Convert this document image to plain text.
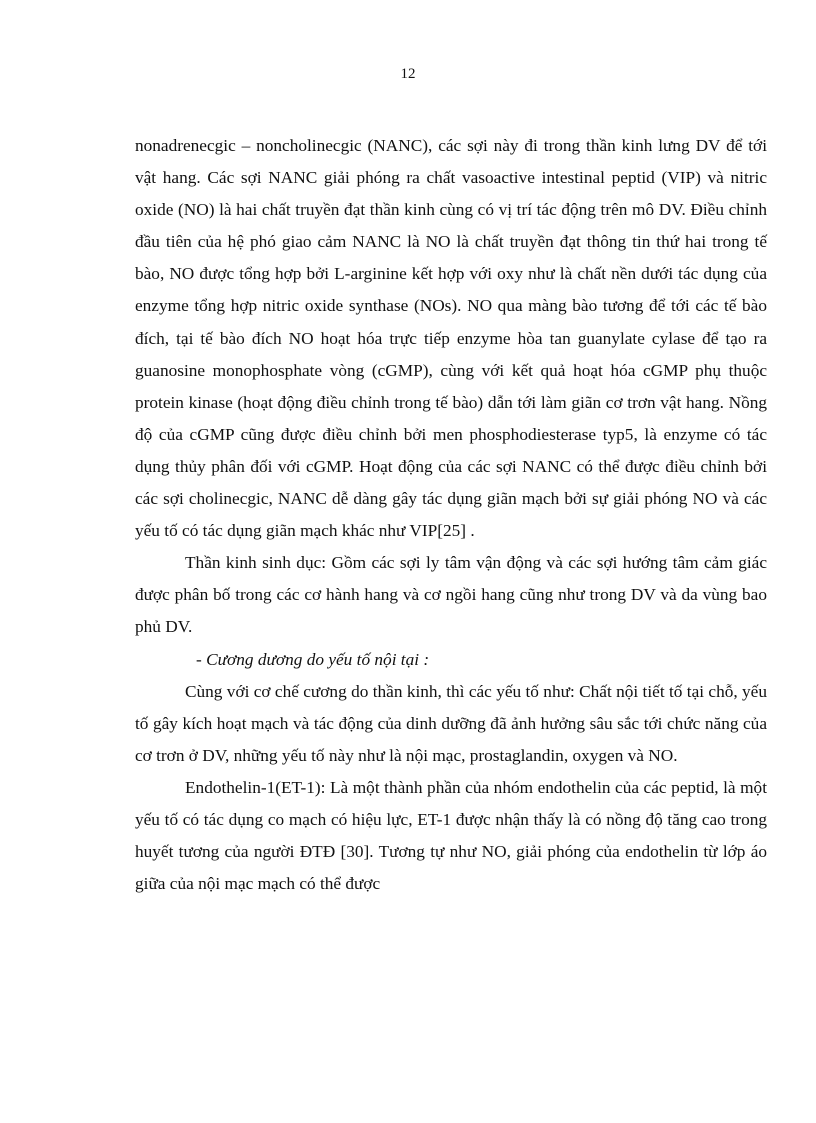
12

nonadrenecgic – noncholinecgic (NANC), các sợi này đi trong thần kinh lưng DV để tới vật hang. Các sợi NANC giải phóng ra chất vasoactive intestinal peptid (VIP) và nitric oxide (NO) là hai chất truyền đạt thần kinh cùng có vị trí tác động trên mô DV. Điều chỉnh đầu tiên của hệ phó giao cảm NANC là NO là chất truyền đạt thông tin thứ hai trong tế bào, NO được tổng hợp bởi L-arginine kết hợp với oxy như là chất nền dưới tác dụng của enzyme tổng hợp nitric oxide synthase (NOs). NO qua màng bào tương để tới các tế bào đích, tại tế bào đích NO hoạt hóa trực tiếp enzyme hòa tan guanylate cylase để tạo ra guanosine monophosphate vòng (cGMP), cùng với kết quả hoạt hóa cGMP phụ thuộc protein kinase (hoạt động điều chỉnh trong tế bào) dẫn tới làm giãn cơ trơn vật hang. Nồng độ của cGMP cũng được điều chỉnh bởi men phosphodiesterase typ5, là enzyme có tác dụng thủy phân đối với cGMP. Hoạt động của các sợi NANC có thể được điều chỉnh bởi các sợi cholinecgic, NANC dễ dàng gây tác dụng giãn mạch bởi sự giải phóng NO và các yếu tố có tác dụng giãn mạch khác như VIP[25] .

Thần kinh sinh dục: Gồm các sợi ly tâm vận động và các sợi hướng tâm cảm giác được phân bố trong các cơ hành hang và cơ ngồi hang cũng như trong DV và da vùng bao phủ DV.

- Cương dương do yếu tố nội tại :

Cùng với cơ chế cương do thần kinh, thì các yếu tố như: Chất nội tiết tố tại chỗ, yếu tố gây kích hoạt mạch và tác động của dinh dưỡng đã ảnh hưởng sâu sắc tới chức năng của cơ trơn ở DV, những yếu tố này như là nội mạc, prostaglandin, oxygen và NO.

Endothelin-1(ET-1): Là một thành phần của nhóm endothelin của các peptid, là một yếu tố có tác dụng co mạch có hiệu lực, ET-1 được nhận thấy là có nồng độ tăng cao trong huyết tương của người ĐTĐ [30]. Tương tự như NO, giải phóng của endothelin từ lớp áo giữa của nội mạc mạch có thể được
